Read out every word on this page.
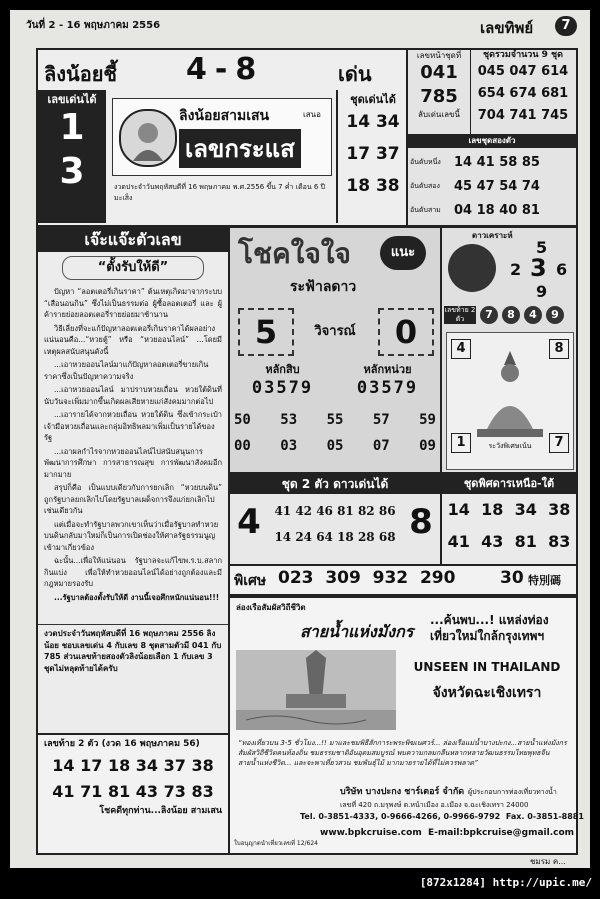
วันที่ 2 - 16 พฤษภาคม 2556	เลขทิพย์	7
ลิงน้อยชี้ 4-8	เด่น
เลขเด่นได้
1
3
ลิงน้อยสามเสน	เสนอ
เลขกระแส
งวดประจำวันพฤหัสบดีที่ 16 พฤษภาคม พ.ศ.2556 ขึ้น 7 ค่ำ เดือน 6 ปีมะเส็ง
ชุดเด่นได้
14 34
17 37
18 38
เลขหน้าชุดที่
041
785
ลับเด่นเลขนี้
ชุดรวมจำนวน 9 ชุด
045 047 614
654 674 681
704 741 745
เลขชุดสองตัว
อันดับหนึ่ง	14 41 58 85
อันดับสอง	45 47 54 74
อันดับสาม	04 18 40 81
เจ๊ะแจ๊ะตัวเลข
“ตั้งรับให้ดี”

ปัญหา “ลอตเตอรี่เกินราคา” ต้นเหตุเกิดมาจากระบบ “เสือนอนกิน” ซึ่งไม่เป็นธรรมต่อ ผู้ซื้อลอตเตอรี่ และ ผู้ค้ารายย่อยลอตเตอรี่รายย่อยมาช้านาน

วิธีเลี่ยงที่จะแก้ปัญหาลอตเตอรี่เกินราคาได้ผลอย่างแน่นอนคือ...“หวยตู้” หรือ “หวยออนไลน์” ...โดยมีเหตุผลสนับสนุนดังนี้

...เอาหวยออนไลน์มาแก้ปัญหาลอตเตอรี่ขายเกินราคาซึ่งเป็นปัญหาความจริง

...เอาหวยออนไลน์ มาปราบหวยเถื่อน หวยใต้ดินที่นับวันจะเพิ่มมากขึ้นเกิดผลเสียหายแก่สังคมมากต่อไป

...เอารายได้จากหวยเถื่อน หวยใต้ดิน ซึ่งเข้ากระเป๋าเจ้ามือหวยเถื่อนและกลุ่มอิทธิพลมาเพิ่มเป็นรายได้ของรัฐ

...เอาผลกำไรจากหวยออนไลน์ไปสนับสนุนการพัฒนาการศึกษา การสาธารณสุข การพัฒนาสังคมอีกมากมาย

สรุปก็คือ เป็นแบบเดียวกับการยกเลิก “หวยบนดิน” ถูกรัฐบาลยกเลิกไปโดยรัฐบาลเผด็จการจึงแก่ยกเลิกไปเช่นเดียวกัน

แต่เมื่อจะทำรัฐบาลพวกเขาเห็นว่าเมื่อรัฐบาลทำหวยบนดินกลับมาใหม่ก็เป็นการเปิดช่องให้ศาลรัฐธรรมนูญเข้ามาเกี่ยวข้อง

ฉะนั้น...เพื่อให้แน่นอน รัฐบาลจะแก้ไขพ.ร.บ.สลากกินแบ่ง เพื่อให้ทำหวยออนไลน์ได้อย่างถูกต้องและมีกฎหมายรองรับ

...รัฐบาลต้องตั้งรับให้ดี งานนี้เจอศึกหนักแน่นอน!!!

งวดประจำวันพฤหัสบดีที่ 16 พฤษภาคม 2556 ลิงน้อย ชอบเลขเด่น 4 กับเลข 8 ชุดสามตัวมี 041 กับ 785 ส่วนเลขท้ายสองตัวลิงน้อยเลือก 1 กับเลข 3 ชุดไม่หลุดท้ายได้ครับ
เลขท้าย 2 ตัว (งวด 16 พฤษภาคม 56)
14 17 18 34 37 38
41 71 81 43 73 83
โชคดีทุกท่าน...ลิงน้อย สามเสน
โชคใจใจ	แนะ
ระฟ้าลดาว
5	วิจารณ์	0
หลักสิบ	หลักหน่วย
03579	03579
50 53 55 57 59
00 03 05 07 09
ดาวเคราะห์
5
2 3 6
9
เลขท้าย 2 ตัว	7	8	4	9
4	8
1	7
ระวังพิเศษเน้น
ชุด 2 ตัว ดาวเด่นได้
4	41 42 46 81 82 86
14 24 64 18 28 68 8
ชุดพิศดารเหนือ-ใต้
14 18 34 38
41 43 81 83
พิเศษ 023  309  932  290	30 特別碼
ล่องเรือสัมผัสวิถีชีวิต
สายน้ำแห่งมังกร
...ค้นพบ...! แหล่งท่องเที่ยวใหม่ใกล้กรุงเทพฯ
UNSEEN IN THAILAND
จังหวัดฉะเชิงเทรา
“ทองเที่ยวบน 3-5 ชั่วโมง...!! มาและชมพิธีสักการะพระพิฆเนศวร์... ล่องเรือแม่น้ำบางปะกง...สายน้ำแห่งมังกร สัมผัสวิถีชีวิตคนท้องถิ่น ชมธรรมชาติอันอุดมสมบูรณ์ พบความกลมกลืนหลากหลายวัฒนธรรมไทยพุทธจีน สายน้ำแห่งชีวิต... และจะพาเที่ยวสวน ชมพันธุ์ไม้ มากมายรายได้ที่ไม่ควรพลาด”
บริษัท บางปะกง ชาร์เตอร์ จำกัด ผู้ประกอบการท่องเที่ยวทางน้ำ
เลขที่ 420 ถ.มรุพงษ์ ต.หน้าเมือง อ.เมือง จ.ฉะเชิงเทรา 24000
Tel. 0-3851-4333, 0-9666-4266, 0-9966-9792  Fax. 0-3851-8881
www.bpkcruise.com  E-mail:bpkcruise@gmail.com
ใบอนุญาตนำเที่ยวเลขที่ 12/624
ชมรม ค...
[872x1284] http://upic.me/
